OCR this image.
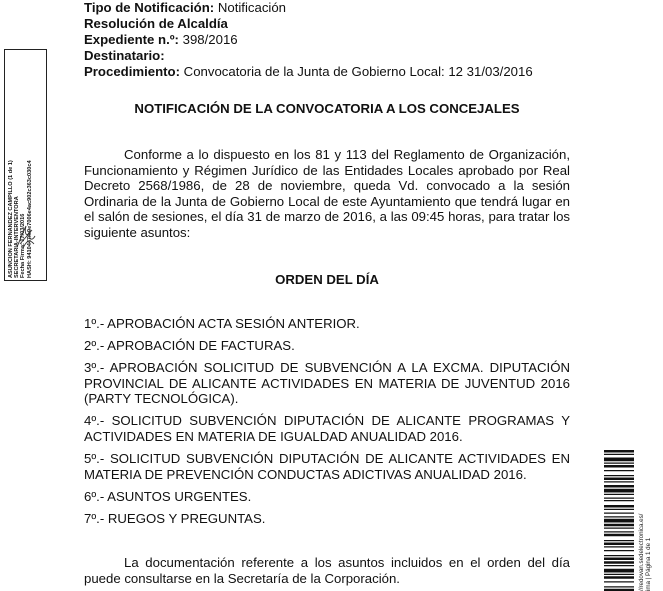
ASUNCION FERNANDEZ CAMPILLO (1 de 1) SECRETARIA-INTERVENTORA Fecha Firma: 17/03/2016 HASH: 9410447fe9e7006e4ac902c363c030c4
Tipo de Notificación: Notificación
Resolución de Alcaldía
Expediente n.º: 398/2016
Destinatario:
Procedimiento: Convocatoria de la Junta de Gobierno Local: 12 31/03/2016
NOTIFICACIÓN DE LA CONVOCATORIA A LOS CONCEJALES
Conforme a lo dispuesto en los 81 y 113 del Reglamento de Organización, Funcionamiento y Régimen Jurídico de las Entidades Locales aprobado por Real Decreto 2568/1986, de 28 de noviembre, queda Vd. convocado a la sesión Ordinaria de la Junta de Gobierno Local de este Ayuntamiento que tendrá lugar en el salón de sesiones, el día 31 de marzo de 2016, a las 09:45 horas, para tratar los siguiente asuntos:
ORDEN DEL DÍA
1º.- APROBACIÓN ACTA SESIÓN ANTERIOR.
2º.- APROBACIÓN DE FACTURAS.
3º.- APROBACIÓN SOLICITUD DE SUBVENCIÓN A LA EXCMA. DIPUTACIÓN PROVINCIAL DE ALICANTE ACTIVIDADES EN MATERIA DE JUVENTUD 2016 (PARTY TECNOLÓGICA).
4º.- SOLICITUD SUBVENCIÓN DIPUTACIÓN DE ALICANTE PROGRAMAS Y ACTIVIDADES EN MATERIA DE IGUALDAD ANUALIDAD 2016.
5º.- SOLICITUD SUBVENCIÓN DIPUTACIÓN DE ALICANTE ACTIVIDADES EN MATERIA DE PREVENCIÓN CONDUCTAS ADICTIVAS ANUALIDAD 2016.
6º.- ASUNTOS URGENTES.
7º.- RUEGOS Y PREGUNTAS.
La documentación referente a los asuntos incluidos en el orden del día puede consultarse en la Secretaría de la Corporación.	//redovan.sedelectronica.es/ ima | Página 1 de 1
